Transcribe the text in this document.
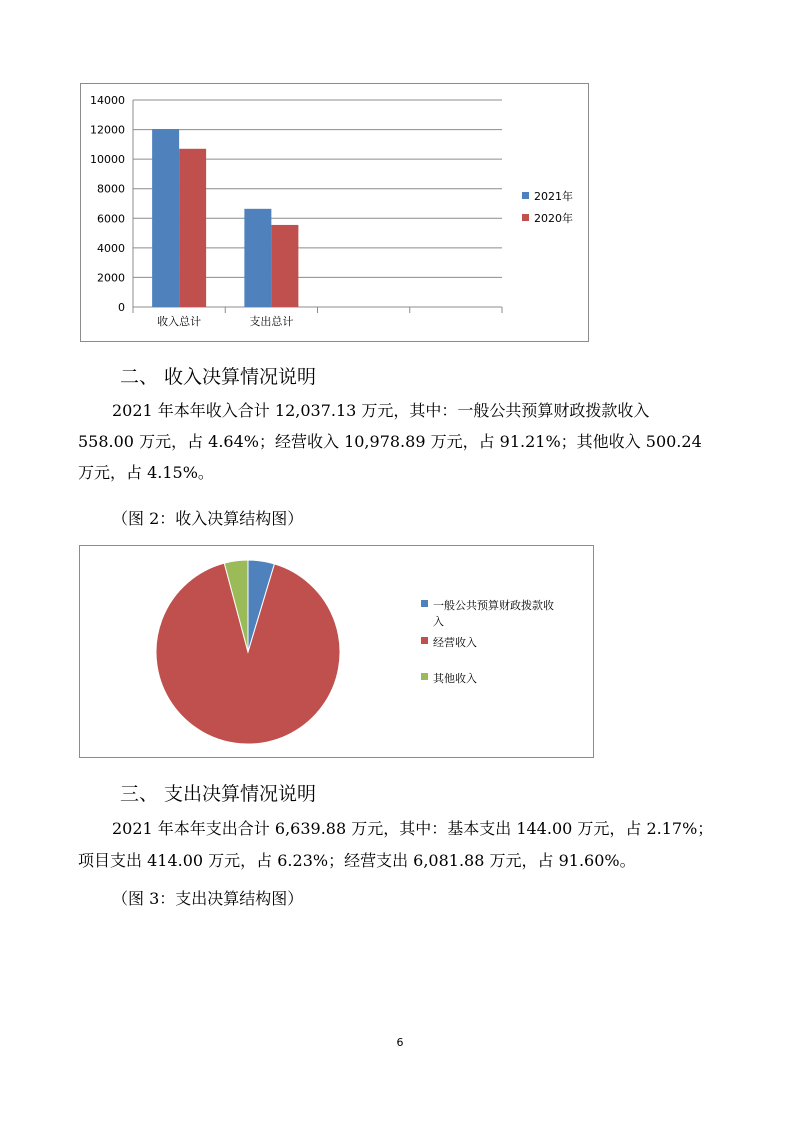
0
2000
4000
6000
8000
10000
12000
14000
收入总计	支出总计
2021年
2020年
二、 收入决算情况说明
2021 年本年收入合计 12,037.13 万元，其中：一般公共预算财政拨款收入
558.00 万元，占 4.64%；经营收入 10,978.89 万元，占 91.21%；其他收入 500.24
万元，占 4.15%。
（图 2：收入决算结构图）
一般公共预算财政拨款收
入
经营收入
其他收入
三、 支出决算情况说明
2021 年本年支出合计 6,639.88 万元，其中：基本支出 144.00 万元，占 2.17%；
项目支出 414.00 万元，占 6.23%；经营支出 6,081.88 万元，占 91.60%。
（图 3：支出决算结构图）
6
